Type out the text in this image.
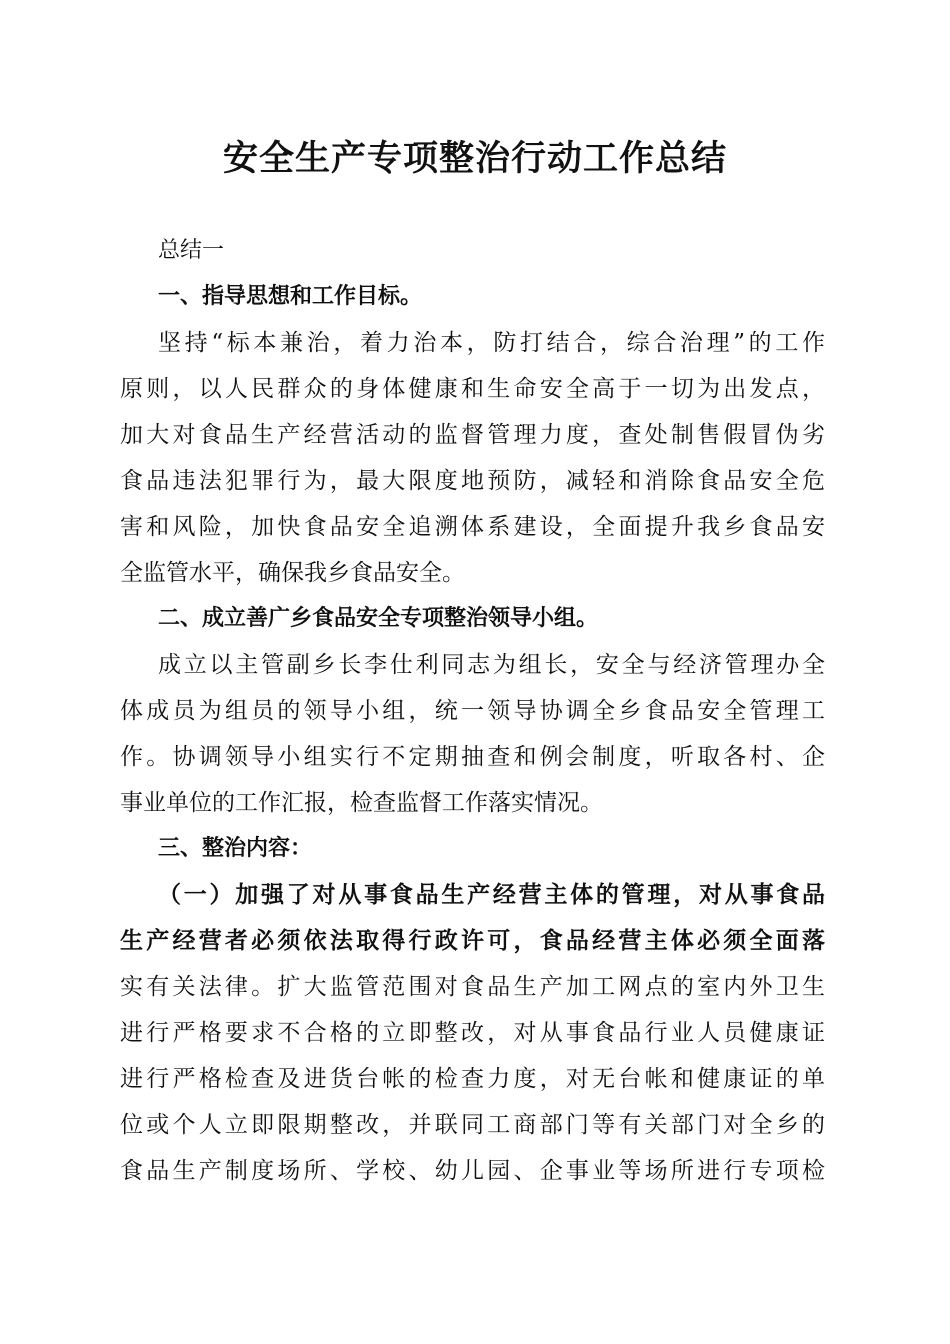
安全生产专项整治行动工作总结
总结一
一、指导思想和工作目标。
坚持“标本兼治，着力治本，防打结合，综合治理”的工作
原则，以人民群众的身体健康和生命安全高于一切为出发点，
加大对食品生产经营活动的监督管理力度，查处制售假冒伪劣
食品违法犯罪行为，最大限度地预防，减轻和消除食品安全危
害和风险，加快食品安全追溯体系建设，全面提升我乡食品安
全监管水平，确保我乡食品安全。
二、成立善广乡食品安全专项整治领导小组。
成立以主管副乡长李仕利同志为组长，安全与经济管理办全
体成员为组员的领导小组，统一领导协调全乡食品安全管理工
作。协调领导小组实行不定期抽查和例会制度，听取各村、企
事业单位的工作汇报，检查监督工作落实情况。
三、整治内容：
（一）加强了对从事食品生产经营主体的管理，对从事食品
生产经营者必须依法取得行政许可，食品经营主体必须全面落
实有关法律。扩大监管范围对食品生产加工网点的室内外卫生
进行严格要求不合格的立即整改，对从事食品行业人员健康证
进行严格检查及进货台帐的检查力度，对无台帐和健康证的单
位或个人立即限期整改，并联同工商部门等有关部门对全乡的
食品生产制度场所、学校、幼儿园、企事业等场所进行专项检
